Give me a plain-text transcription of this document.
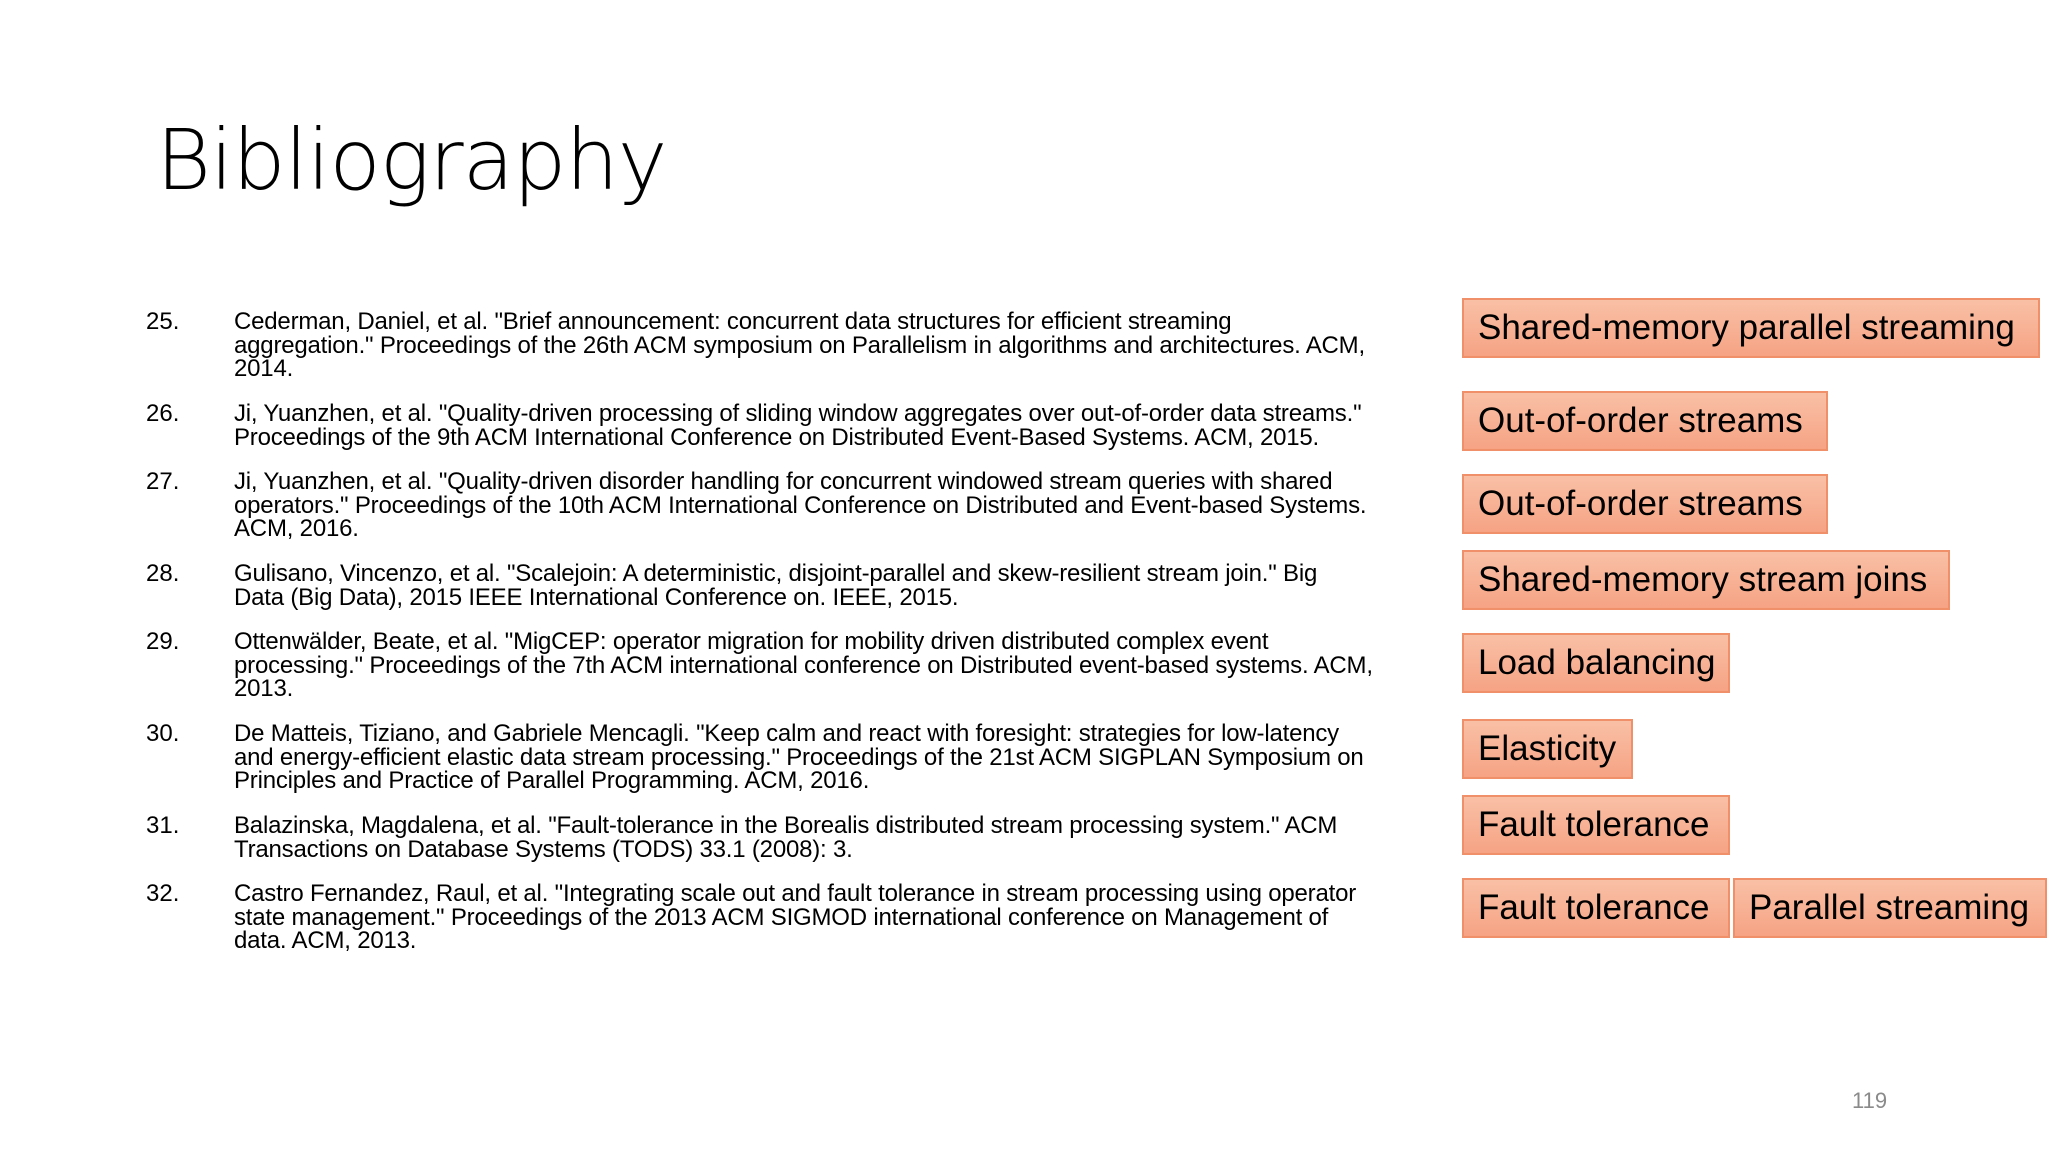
Bibliography
25. Cederman, Daniel, et al. "Brief announcement: concurrent data structures for efficient streaming
aggregation." Proceedings of the 26th ACM symposium on Parallelism in algorithms and architectures. ACM,
2014.
26. Ji, Yuanzhen, et al. "Quality-driven processing of sliding window aggregates over out-of-order data streams."
Proceedings of the 9th ACM International Conference on Distributed Event-Based Systems. ACM, 2015.
27. Ji, Yuanzhen, et al. "Quality-driven disorder handling for concurrent windowed stream queries with shared
operators." Proceedings of the 10th ACM International Conference on Distributed and Event-based Systems.
ACM, 2016.
28. Gulisano, Vincenzo, et al. "Scalejoin: A deterministic, disjoint-parallel and skew-resilient stream join." Big
Data (Big Data), 2015 IEEE International Conference on. IEEE, 2015.
29. Ottenwälder, Beate, et al. "MigCEP: operator migration for mobility driven distributed complex event
processing." Proceedings of the 7th ACM international conference on Distributed event-based systems. ACM,
2013.
30. De Matteis, Tiziano, and Gabriele Mencagli. "Keep calm and react with foresight: strategies for low-latency
and energy-efficient elastic data stream processing." Proceedings of the 21st ACM SIGPLAN Symposium on
Principles and Practice of Parallel Programming. ACM, 2016.
31. Balazinska, Magdalena, et al. "Fault-tolerance in the Borealis distributed stream processing system." ACM
Transactions on Database Systems (TODS) 33.1 (2008): 3.
32. Castro Fernandez, Raul, et al. "Integrating scale out and fault tolerance in stream processing using operator
state management." Proceedings of the 2013 ACM SIGMOD international conference on Management of
data. ACM, 2013.
Shared-memory parallel streaming
Out-of-order streams
Out-of-order streams
Shared-memory stream joins
Load balancing
Elasticity
Fault tolerance
Fault tolerance	Parallel streaming
119
